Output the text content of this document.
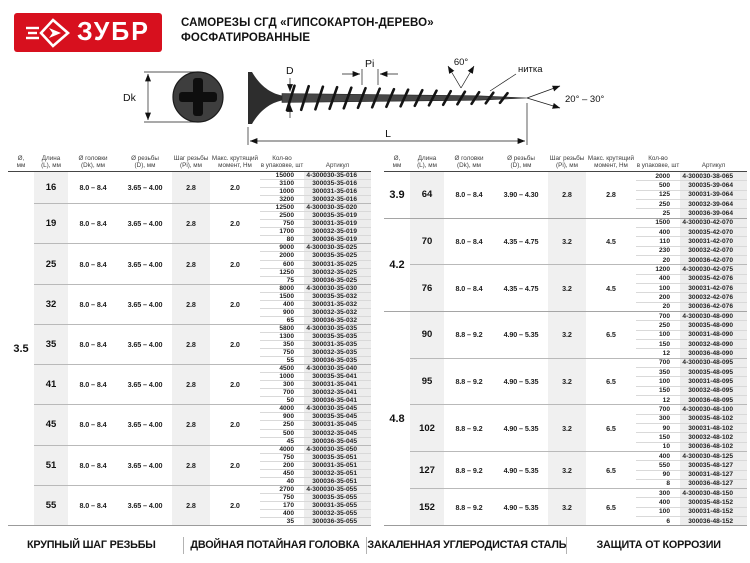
ЗУБР	САМОРЕЗЫ СГД «ГИПСОКАРТОН-ДЕРЕВО»
ФОСФАТИРОВАННЫЕ
Dk
D
Pi	60°
нитка
20° – 30°
L
Ø,
мм
Длина
(L), мм
Ø головки
(Dk), мм
Ø резьбы
(D), мм
Шаг резьбы
(Pi), мм
Макс. крутящий
момент, Нм
Кол-во
в упаковке, шт	Артикул
3.5
16	8.0 – 8.4	3.65 – 4.00	2.8	2.0
15000	4-300030-35-016
3100	300035-35-016
1000	300031-35-016
3200	300032-35-016
19	8.0 – 8.4	3.65 – 4.00	2.8	2.0
12500	4-300030-35-020
2500	300035-35-019
750	300031-35-019
1700	300032-35-019
80	300036-35-019
25	8.0 – 8.4	3.65 – 4.00	2.8	2.0
9000	4-300030-35-025
2000	300035-35-025
600	300031-35-025
1250	300032-35-025
75	300036-35-025
32	8.0 – 8.4	3.65 – 4.00	2.8	2.0
8000	4-300030-35-030
1500	300035-35-032
400	300031-35-032
900	300032-35-032
65	300036-35-032
35	8.0 – 8.4	3.65 – 4.00	2.8	2.0
5800	4-300030-35-035
1300	300035-35-035
350	300031-35-035
750	300032-35-035
55	300036-35-035
41	8.0 – 8.4	3.65 – 4.00	2.8	2.0
4500	4-300030-35-040
1000	300035-35-041
300	300031-35-041
700	300032-35-041
50	300036-35-041
45	8.0 – 8.4	3.65 – 4.00	2.8	2.0
4000	4-300030-35-045
900	300035-35-045
250	300031-35-045
500	300032-35-045
45	300036-35-045
51	8.0 – 8.4	3.65 – 4.00	2.8	2.0
4000	4-300030-35-050
750	300035-35-051
200	300031-35-051
450	300032-35-051
40	300036-35-051
55	8.0 – 8.4	3.65 – 4.00	2.8	2.0
2700	4-300030-35-055
750	300035-35-055
170	300031-35-055
400	300032-35-055
35	300036-35-055
Ø,
мм
Длина
(L), мм
Ø головки
(Dk), мм
Ø резьбы
(D), мм
Шаг резьбы
(Pi), мм
Макс. крутящий
момент, Нм
Кол-во
в упаковке, шт	Артикул
3.9	64	8.0 – 8.4	3.90 – 4.30	2.8	2.8
2000	4-300030-38-065
500	300035-39-064
125	300031-39-064
250	300032-39-064
25	300036-39-064
4.2
70	8.0 – 8.4	4.35 – 4.75	3.2	4.5
1500	4-300030-42-070
400	300035-42-070
110	300031-42-070
230	300032-42-070
20	300036-42-070
76	8.0 – 8.4	4.35 – 4.75	3.2	4.5
1200	4-300030-42-075
400	300035-42-076
100	300031-42-076
200	300032-42-076
20	300036-42-076
4.8
90	8.8 – 9.2	4.90 – 5.35	3.2	6.5
700	4-300030-48-090
250	300035-48-090
100	300031-48-090
150	300032-48-090
12	300036-48-090
95	8.8 – 9.2	4.90 – 5.35	3.2	6.5
700	4-300030-48-095
350	300035-48-095
100	300031-48-095
150	300032-48-095
12	300036-48-095
102	8.8 – 9.2	4.90 – 5.35	3.2	6.5
700	4-300030-48-100
300	300035-48-102
90	300031-48-102
150	300032-48-102
10	300036-48-102
127	8.8 – 9.2	4.90 – 5.35	3.2	6.5
400	4-300030-48-125
550	300035-48-127
90	300031-48-127
8	300036-48-127
152	8.8 – 9.2	4.90 – 5.35	3.2	6.5
300	4-300030-48-150
400	300035-48-152
100	300031-48-152
6	300036-48-152
КРУПНЫЙ ШАГ РЕЗЬБЫ	ДВОЙНАЯ ПОТАЙНАЯ ГОЛОВКА ЗАКАЛЕННАЯ УГЛЕРОДИСТАЯ СТАЛЬ	ЗАЩИТА ОТ КОРРОЗИИ
